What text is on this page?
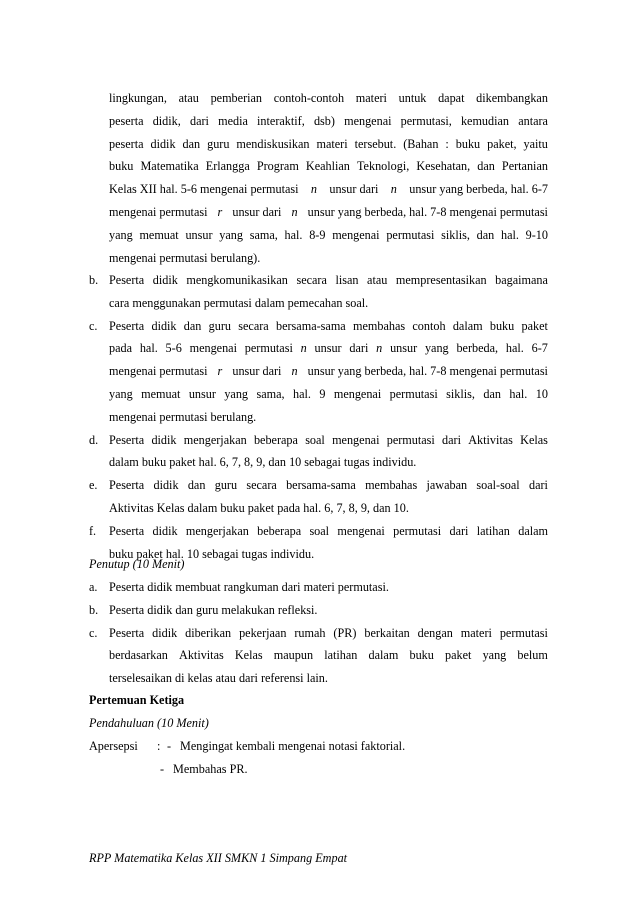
lingkungan, atau pemberian contoh-contoh materi untuk dapat dikembangkan
peserta didik, dari media interaktif, dsb) mengenai permutasi, kemudian antara
peserta didik dan guru mendiskusikan materi tersebut. (Bahan : buku paket, yaitu
buku Matematika Erlangga Program Keahlian Teknologi, Kesehatan, dan Pertanian
Kelas XII hal. 5-6 mengenai permutasi n unsur dari n unsur yang berbeda, hal. 6-7
mengenai permutasi r unsur dari n unsur yang berbeda, hal. 7-8 mengenai permutasi
yang memuat unsur yang sama, hal. 8-9 mengenai permutasi siklis, dan hal. 9-10
mengenai permutasi berulang).
b. Peserta didik mengkomunikasikan secara lisan atau mempresentasikan bagaimana
cara menggunakan permutasi dalam pemecahan soal.
c. Peserta didik dan guru secara bersama-sama membahas contoh dalam buku paket
pada hal. 5-6 mengenai permutasi n unsur dari n unsur yang berbeda, hal. 6-7
mengenai permutasi r unsur dari n unsur yang berbeda, hal. 7-8 mengenai permutasi
yang memuat unsur yang sama, hal. 9 mengenai permutasi siklis, dan hal. 10
mengenai permutasi berulang.
d. Peserta didik mengerjakan beberapa soal mengenai permutasi dari Aktivitas Kelas
dalam buku paket hal. 6, 7, 8, 9, dan 10 sebagai tugas individu.
e. Peserta didik dan guru secara bersama-sama membahas jawaban soal-soal dari
Aktivitas Kelas dalam buku paket pada hal. 6, 7, 8, 9, dan 10.
f.	Peserta didik mengerjakan beberapa soal mengenai permutasi dari latihan dalam
buku paket hal. 10 sebagai tugas individu.
Penutup (10 Menit)
a. Peserta didik membuat rangkuman dari materi permutasi.
b. Peserta didik dan guru melakukan refleksi.
c. Peserta didik diberikan pekerjaan rumah (PR) berkaitan dengan materi permutasi
berdasarkan Aktivitas Kelas maupun latihan dalam buku paket yang belum
terselesaikan di kelas atau dari referensi lain.
Pertemuan Ketiga
Pendahuluan (10 Menit)
Apersepsi : - Mengingat kembali mengenai notasi faktorial.
- Membahas PR.
RPP Matematika Kelas XII SMKN 1 Simpang Empat
